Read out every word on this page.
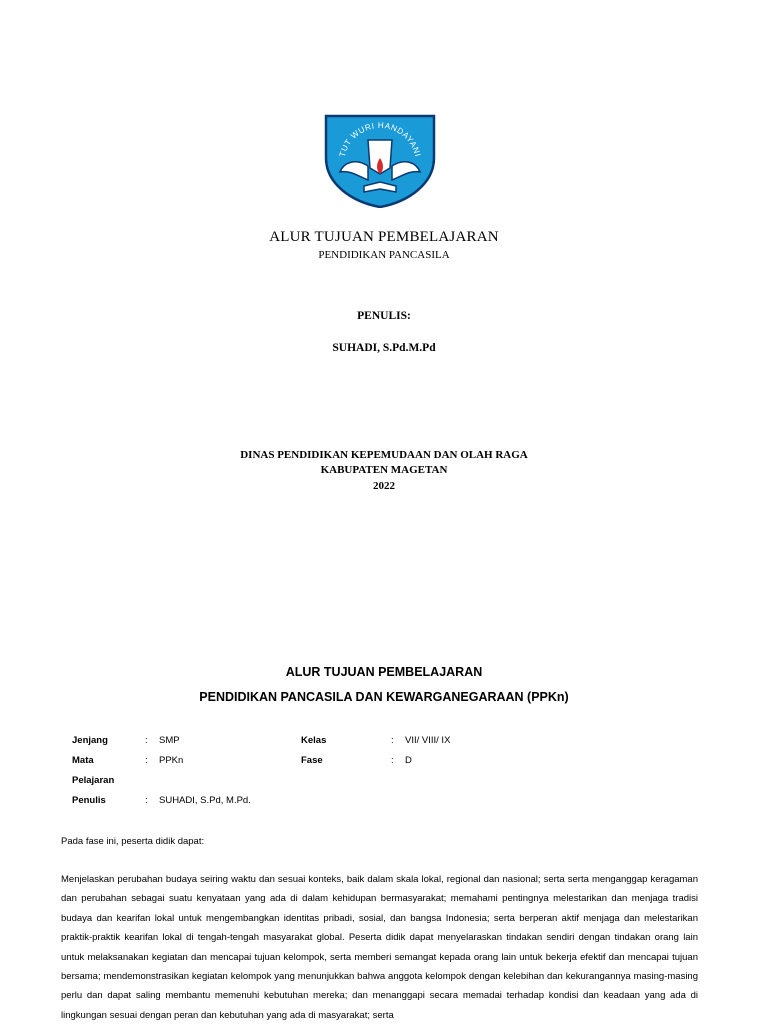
TUT WURI HANDAYANI
ALUR TUJUAN PEMBELAJARAN
PENDIDIKAN PANCASILA
PENULIS:
SUHADI, S.Pd.M.Pd
DINAS PENDIDIKAN KEPEMUDAAN DAN OLAH RAGA
KABUPATEN MAGETAN
2022
ALUR TUJUAN PEMBELAJARAN
PENDIDIKAN PANCASILA DAN KEWARGANEGARAAN (PPKn)
Jenjang	: SMP	Kelas	: VII/ VIII/ IX
Mata	: PPKn	Fase	: D
Pelajaran
Penulis	: SUHADI, S.Pd, M.Pd.
Pada fase ini, peserta didik dapat:
Menjelaskan perubahan budaya seiring waktu dan sesuai konteks, baik dalam skala lokal, regional dan nasional; serta serta menganggap keragaman dan perubahan sebagai suatu kenyataan yang ada di dalam kehidupan bermasyarakat; memahami pentingnya melestarikan dan menjaga tradisi budaya dan kearifan lokal untuk mengembangkan identitas pribadi, sosial, dan bangsa Indonesia; serta berperan aktif menjaga dan melestarikan praktik-praktik kearifan lokal di tengah-tengah masyarakat global. Peserta didik dapat menyelaraskan tindakan sendiri dengan tindakan orang lain untuk melaksanakan kegiatan dan mencapai tujuan kelompok, serta memberi semangat kepada orang lain untuk bekerja efektif dan mencapai tujuan bersama; mendemonstrasikan kegiatan kelompok yang menunjukkan bahwa anggota kelompok dengan kelebihan dan kekurangannya masing-masing perlu dan dapat saling membantu memenuhi kebutuhan mereka; dan menanggapi secara memadai terhadap kondisi dan keadaan yang ada di lingkungan sesuai dengan peran dan kebutuhan yang ada di masyarakat; serta
